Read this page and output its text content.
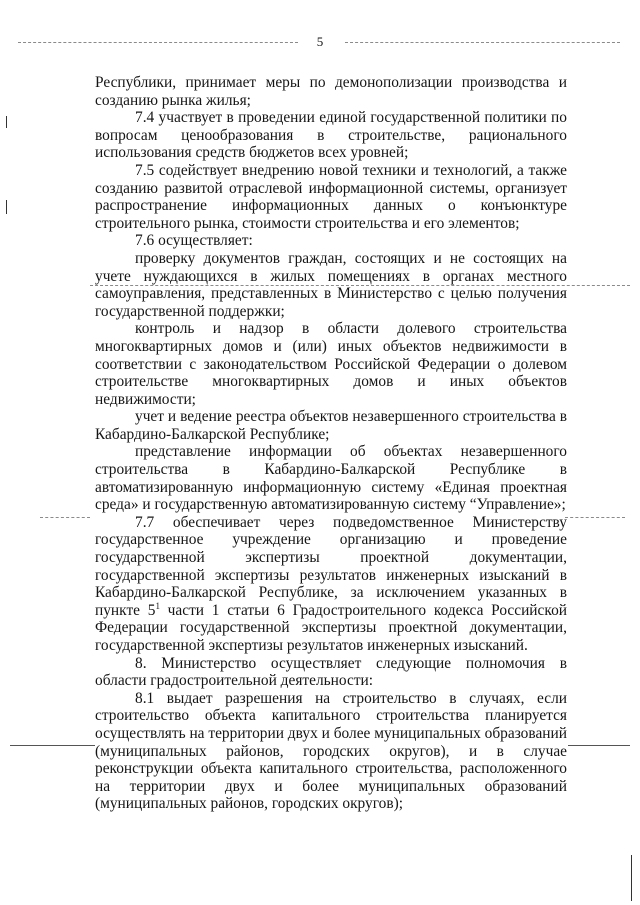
5

Республики, принимает меры по демонополизации производства и созданию рынка жилья;

7.4 участвует в проведении единой государственной политики по вопросам ценообразования в строительстве, рационального использования средств бюджетов всех уровней;

7.5 содействует внедрению новой техники и технологий, а также созданию развитой отраслевой информационной системы, организует распространение информационных данных о конъюнктуре строительного рынка, стоимости строительства и его элементов;

7.6 осуществляет:

проверку документов граждан, состоящих и не состоящих на учете нуждающихся в жилых помещениях в органах местного самоуправления, представленных в Министерство с целью получения государственной поддержки;

контроль и надзор в области долевого строительства многоквартирных домов и (или) иных объектов недвижимости в соответствии с законодательством Российской Федерации о долевом строительстве многоквартирных домов и иных объектов недвижимости;

учет и ведение реестра объектов незавершенного строительства в Кабардино-Балкарской Республике;

представление информации об объектах незавершенного строительства в Кабардино-Балкарской Республике в автоматизированную информационную систему «Единая проектная среда» и государственную автоматизированную систему “Управление»;

7.7 обеспечивает через подведомственное Министерству государственное учреждение организацию и проведение государственной экспертизы проектной документации, государственной экспертизы результатов инженерных изысканий в Кабардино-Балкарской Республике, за исключением указанных в пункте $5^1$ части 1 статьи 6 Градостроительного кодекса Российской Федерации государственной экспертизы проектной документации, государственной экспертизы результатов инженерных изысканий.

8. Министерство осуществляет следующие полномочия в области градостроительной деятельности:

8.1 выдает разрешения на строительство в случаях, если строительство объекта капитального строительства планируется осуществлять на территории двух и более муниципальных образований (муниципальных районов, городских округов), и в случае реконструкции объекта капитального строительства, расположенного на территории двух и более муниципальных образований (муниципальных районов, городских округов);
